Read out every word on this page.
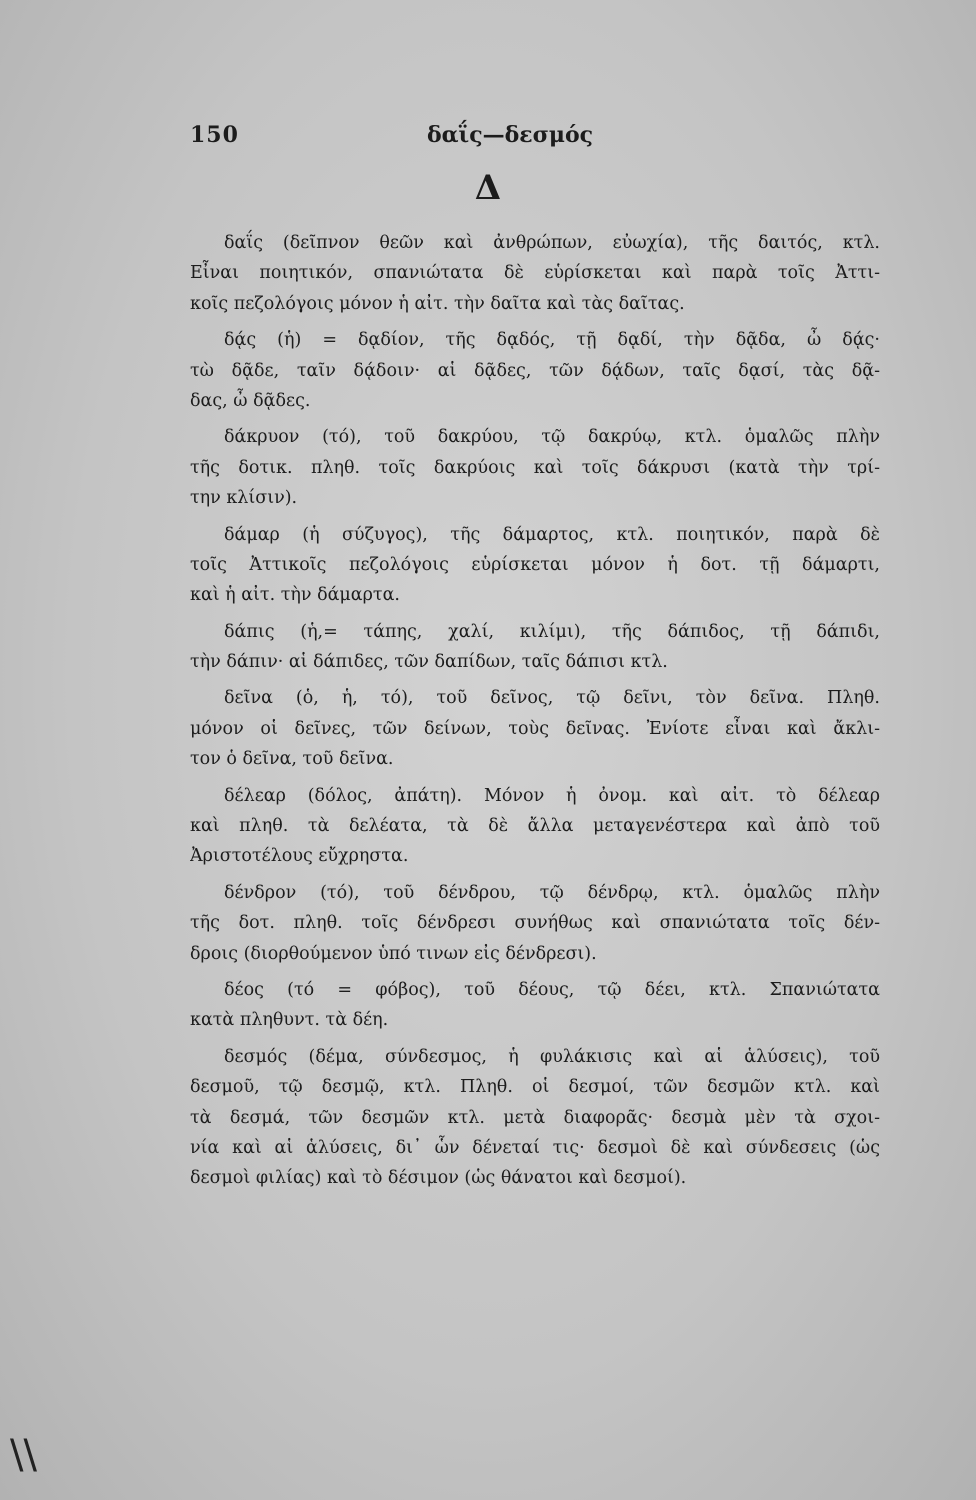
150	δαΐς—δεσμός
Δ
δαΐς (δεῖπνον θεῶν καὶ ἀνθρώπων, εὐωχία), τῆς δαιτός, κτλ.
Εἶναι ποιητικόν, σπανιώτατα δὲ εὑρίσκεται καὶ παρὰ τοῖς Ἀττι-
κοῖς πεζολόγοις μόνον ἡ αἰτ. τὴν δαῖτα καὶ τὰς δαῖτας.
δᾴς (ἡ) = δᾳδίον, τῆς δᾳδός, τῇ δᾳδί, τὴν δᾷδα, ὦ δᾴς·
τὼ δᾷδε, ταῖν δᾴδοιν· αἱ δᾷδες, τῶν δᾴδων, ταῖς δᾳσί, τὰς δᾷ-
δας, ὦ δᾷδες.
δάκρυον (τό), τοῦ δακρύου, τῷ δακρύῳ, κτλ. ὁμαλῶς πλὴν
τῆς δοτικ. πληθ. τοῖς δακρύοις καὶ τοῖς δάκρυσι (κατὰ τὴν τρί-
την κλίσιν).
δάμαρ (ἡ σύζυγος), τῆς δάμαρτος, κτλ. ποιητικόν, παρὰ δὲ
τοῖς Ἀττικοῖς πεζολόγοις εὑρίσκεται μόνον ἡ δοτ. τῇ δάμαρτι,
καὶ ἡ αἰτ. τὴν δάμαρτα.
δάπις (ἡ,= τάπης, χαλί, κιλίμι), τῆς δάπιδος, τῇ δάπιδι,
τὴν δάπιν· αἱ δάπιδες, τῶν δαπίδων, ταῖς δάπισι κτλ.
δεῖνα (ὁ, ἡ, τό), τοῦ δεῖνος, τῷ δεῖνι, τὸν δεῖνα. Πληθ.
μόνον οἱ δεῖνες, τῶν δείνων, τοὺς δεῖνας. Ἐνίοτε εἶναι καὶ ἄκλι-
τον ὁ δεῖνα, τοῦ δεῖνα.
δέλεαρ (δόλος, ἀπάτη). Μόνον ἡ ὀνομ. καὶ αἰτ. τὸ δέλεαρ
καὶ πληθ. τὰ δελέατα, τὰ δὲ ἄλλα μεταγενέστερα καὶ ἀπὸ τοῦ
Ἀριστοτέλους εὔχρηστα.
δένδρον (τό), τοῦ δένδρου, τῷ δένδρῳ, κτλ. ὁμαλῶς πλὴν
τῆς δοτ. πληθ. τοῖς δένδρεσι συνήθως καὶ σπανιώτατα τοῖς δέν-
δροις (διορθούμενον ὑπό τινων εἰς δένδρεσι).
δέος (τό = φόβος), τοῦ δέους, τῷ δέει, κτλ. Σπανιώτατα
κατὰ πληθυντ. τὰ δέη.
δεσμός (δέμα, σύνδεσμος, ἡ φυλάκισις καὶ αἱ ἁλύσεις), τοῦ
δεσμοῦ, τῷ δεσμῷ, κτλ. Πληθ. οἱ δεσμοί, τῶν δεσμῶν κτλ. καὶ
τὰ δεσμά, τῶν δεσμῶν κτλ. μετὰ διαφορᾶς· δεσμὰ μὲν τὰ σχοι-
νία καὶ αἱ ἁλύσεις, δι᾽ ὧν δένεταί τις· δεσμοὶ δὲ καὶ σύνδεσεις (ὡς
δεσμοὶ φιλίας) καὶ τὸ δέσιμον (ὡς θάνατοι καὶ δεσμοί).
\\
